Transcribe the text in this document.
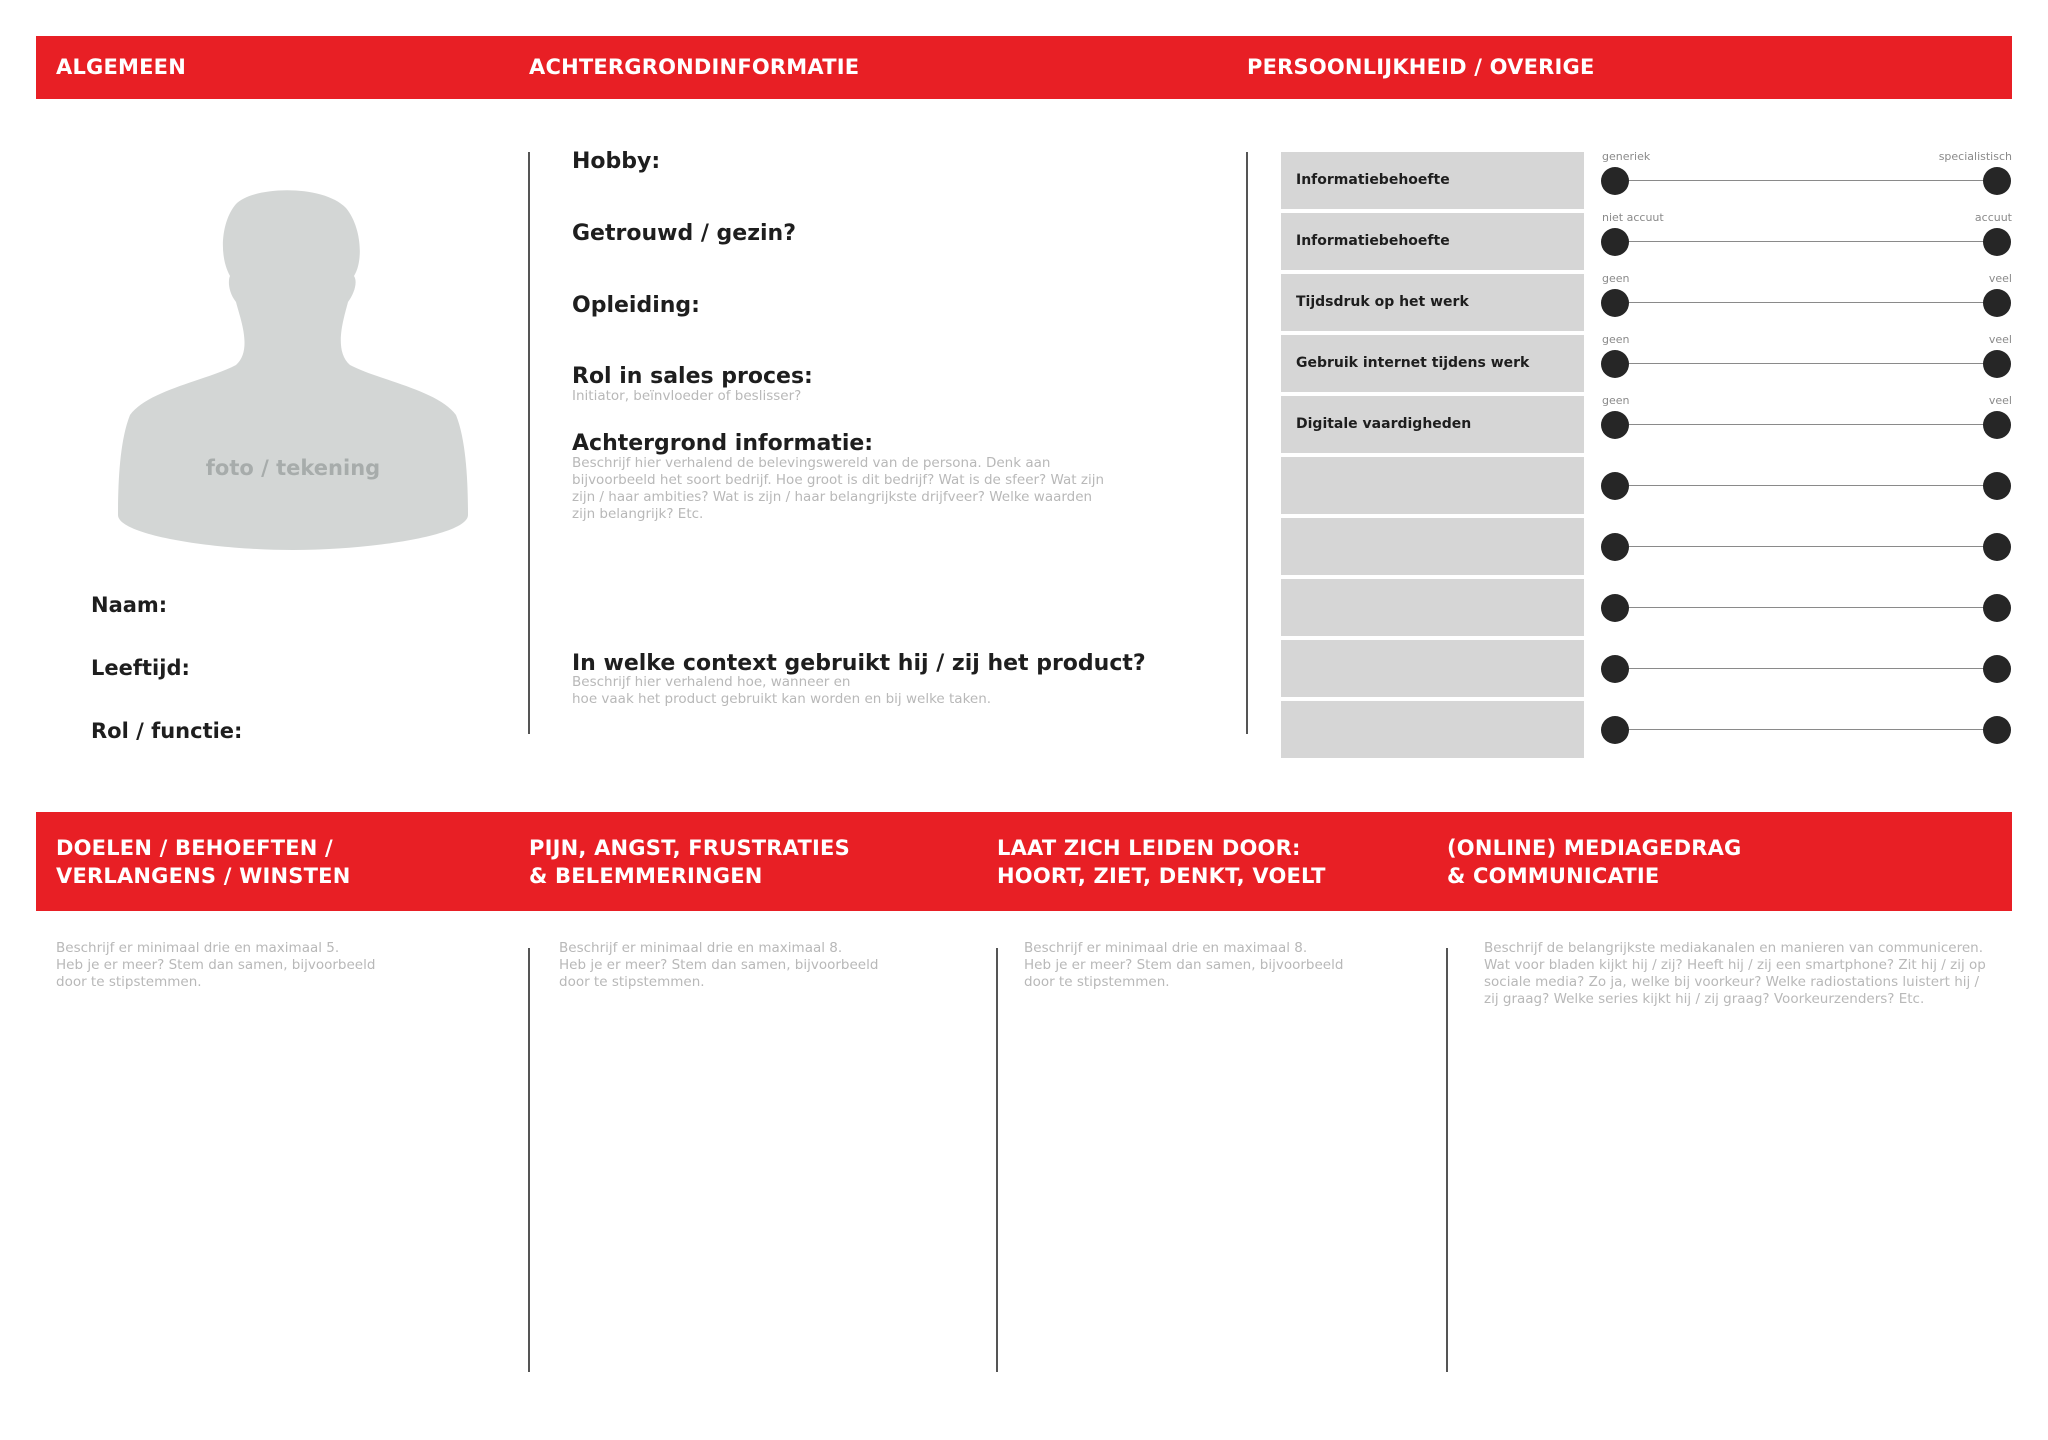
ALGEMEEN	ACHTERGRONDINFORMATIE	PERSOONLIJKHEID / OVERIGE
foto / tekening
Naam:
Leeftijd:
Rol / functie:
Hobby:
Getrouwd / gezin?
Opleiding:
Rol in sales proces:
Initiator, beïnvloeder of beslisser?
Achtergrond informatie:
Beschrijf hier verhalend de belevingswereld van de persona. Denk aan
bijvoorbeeld het soort bedrijf. Hoe groot is dit bedrijf? Wat is de sfeer? Wat zijn
zijn / haar ambities? Wat is zijn / haar belangrijkste drijfveer? Welke waarden
zijn belangrijk? Etc.
In welke context gebruikt hij / zij het product?
Beschrijf hier verhalend hoe, wanneer en
hoe vaak het product gebruikt kan worden en bij welke taken.
Informatiebehoefte
generiek	specialistisch
Informatiebehoefte
niet accuut	accuut
Tijdsdruk op het werk
geen	veel
Gebruik internet tijdens werk
geen	veel
Digitale vaardigheden
geen	veel
DOELEN / BEHOEFTEN /
VERLANGENS / WINSTEN
PIJN, ANGST, FRUSTRATIES
& BELEMMERINGEN
LAAT ZICH LEIDEN DOOR:
HOORT, ZIET, DENKT, VOELT
(ONLINE) MEDIAGEDRAG
& COMMUNICATIE
Beschrijf er minimaal drie en maximaal 5.
Heb je er meer? Stem dan samen, bijvoorbeeld
door te stipstemmen.
Beschrijf er minimaal drie en maximaal 8.
Heb je er meer? Stem dan samen, bijvoorbeeld
door te stipstemmen.
Beschrijf er minimaal drie en maximaal 8.
Heb je er meer? Stem dan samen, bijvoorbeeld
door te stipstemmen.
Beschrijf de belangrijkste mediakanalen en manieren van communiceren.
Wat voor bladen kijkt hij / zij? Heeft hij / zij een smartphone? Zit hij / zij op
sociale media? Zo ja, welke bij voorkeur? Welke radiostations luistert hij /
zij graag? Welke series kijkt hij / zij graag? Voorkeurzenders? Etc.
